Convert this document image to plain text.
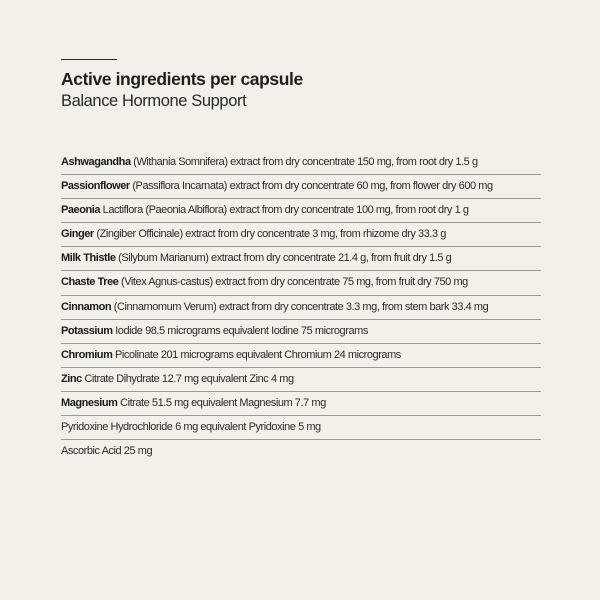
Active ingredients per capsule
Balance Hormone Support
Ashwagandha (Withania Somnifera) extract from dry concentrate 150 mg, from root dry 1.5 g
Passionflower (Passiflora Incarnata) extract from dry concentrate 60 mg, from flower dry 600 mg
Paeonia Lactiflora (Paeonia Albiflora) extract from dry concentrate 100 mg, from root dry 1 g
Ginger (Zingiber Officinale) extract from dry concentrate 3 mg, from rhizome dry 33.3 g
Milk Thistle (Silybum Marianum) extract from dry concentrate 21.4 g, from fruit dry 1.5 g
Chaste Tree (Vitex Agnus-castus) extract from dry concentrate 75 mg, from fruit dry 750 mg
Cinnamon (Cinnamomum Verum) extract from dry concentrate 3.3 mg, from stem bark 33.4 mg
Potassium Iodide 98.5 micrograms equivalent Iodine 75 micrograms
Chromium Picolinate 201 micrograms equivalent Chromium 24 micrograms
Zinc Citrate Dihydrate 12.7 mg equivalent Zinc 4 mg
Magnesium Citrate 51.5 mg equivalent Magnesium 7.7 mg
Pyridoxine Hydrochloride 6 mg equivalent Pyridoxine 5 mg
Ascorbic Acid 25 mg
